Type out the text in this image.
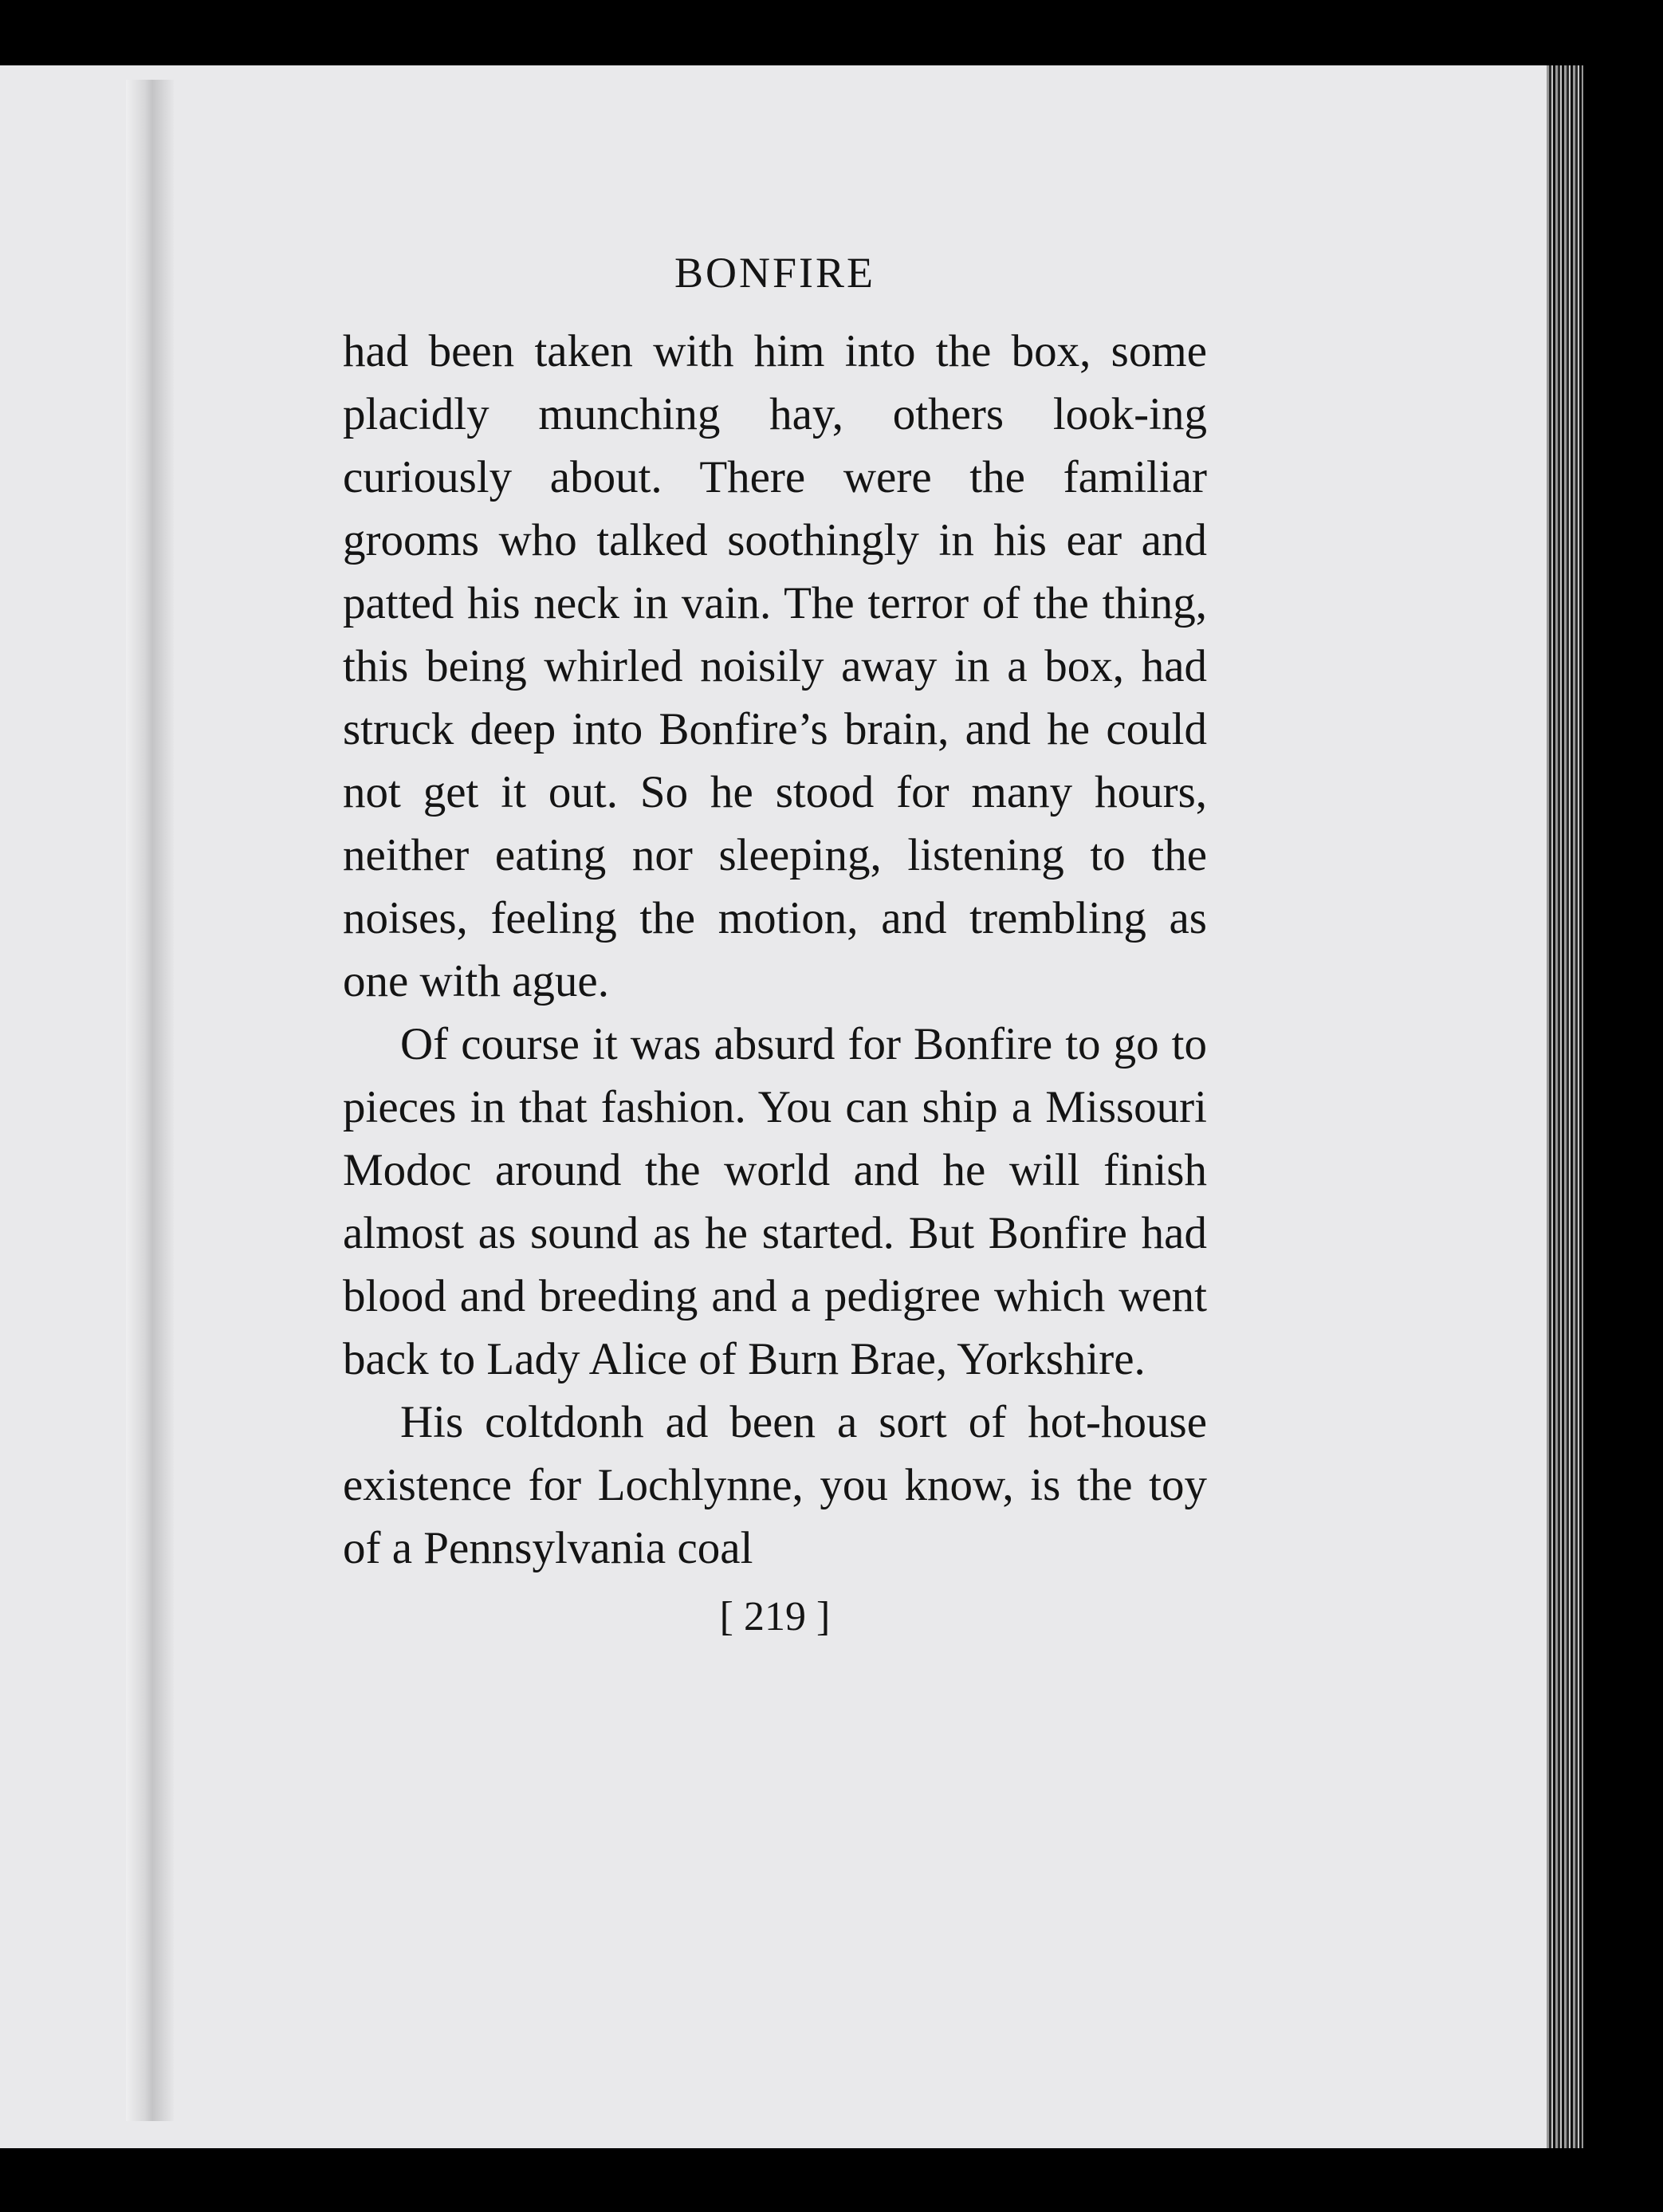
BONFIRE

had been taken with him into the box, some placidly munching hay, others look-ing curiously about. There were the familiar grooms who talked soothingly in his ear and patted his neck in vain. The terror of the thing, this being whirled noisily away in a box, had struck deep into Bonfire’s brain, and he could not get it out. So he stood for many hours, neither eating nor sleeping, listening to the noises, feeling the motion, and trembling as one with ague.

Of course it was absurd for Bonfire to go to pieces in that fashion. You can ship a Missouri Modoc around the world and he will finish almost as sound as he started. But Bonfire had blood and breeding and a pedigree which went back to Lady Alice of Burn Brae, Yorkshire.

His coltdonh ad been a sort of hot-house existence for Lochlynne, you know, is the toy of a Pennsylvania coal

[ 219 ]
